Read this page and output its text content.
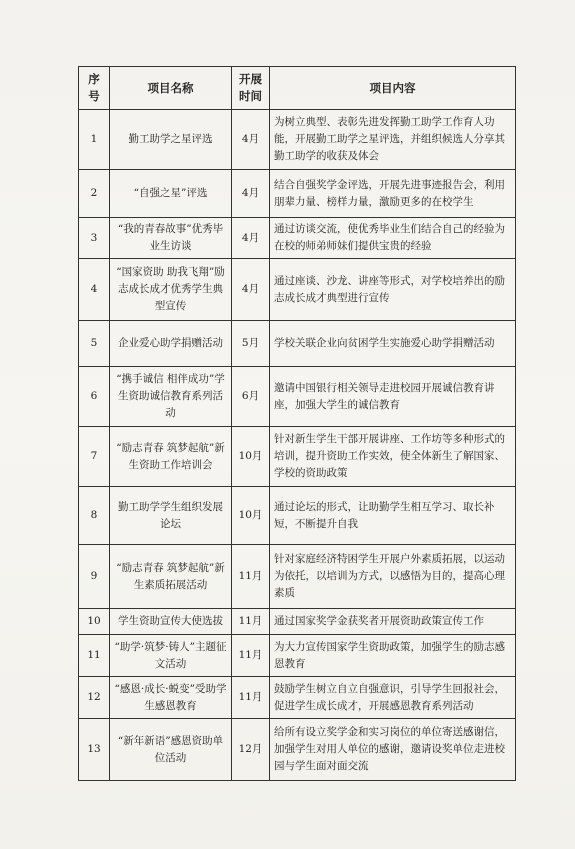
序号	项目名称	开展时间	项目内容
1	勤工助学之星评选	4月	为树立典型、表彰先进发挥勤工助学工作育人功能，开展勤工助学之星评选，并组织候选人分享其勤工助学的收获及体会
2	“自强之星”评选	4月	结合自强奖学金评选，开展先进事迹报告会，利用朋辈力量、榜样力量，激励更多的在校学生
3	“我的青春故事”优秀毕业生访谈	4月	通过访谈交流，使优秀毕业生们结合自己的经验为在校的师弟师妹们提供宝贵的经验
4	“国家资助 助我飞翔”励志成长成才优秀学生典型宣传	4月	通过座谈、沙龙、讲座等形式，对学校培养出的励志成长成才典型进行宣传
5	企业爱心助学捐赠活动	5月	学校关联企业向贫困学生实施爱心助学捐赠活动
6	“携手诚信 相伴成功”学生资助诚信教育系列活动	6月	邀请中国银行相关领导走进校园开展诚信教育讲座，加强大学生的诚信教育
7	“励志青春 筑梦起航”新生资助工作培训会	10月	针对新生学生干部开展讲座、工作坊等多种形式的培训，提升资助工作实效，使全体新生了解国家、学校的资助政策
8	勤工助学学生组织发展论坛	10月	通过论坛的形式，让助勤学生相互学习、取长补短，不断提升自我
9	“励志青春 筑梦起航”新生素质拓展活动	11月	针对家庭经济特困学生开展户外素质拓展，以运动为依托，以培训为方式，以感悟为目的，提高心理素质
10	学生资助宣传大使选拔	11月	通过国家奖学金获奖者开展资助政策宣传工作
11	“助学·筑梦·铸人”主题征文活动	11月	为大力宣传国家学生资助政策，加强学生的励志感恩教育
12	“感恩·成长·蜕变”受助学生感恩教育	11月	鼓励学生树立自立自强意识，引导学生回报社会，促进学生成长成才，开展感恩教育系列活动
13	“新年新语”感恩资助单位活动	12月	给所有设立奖学金和实习岗位的单位寄送感谢信，加强学生对用人单位的感谢，邀请设奖单位走进校园与学生面对面交流
